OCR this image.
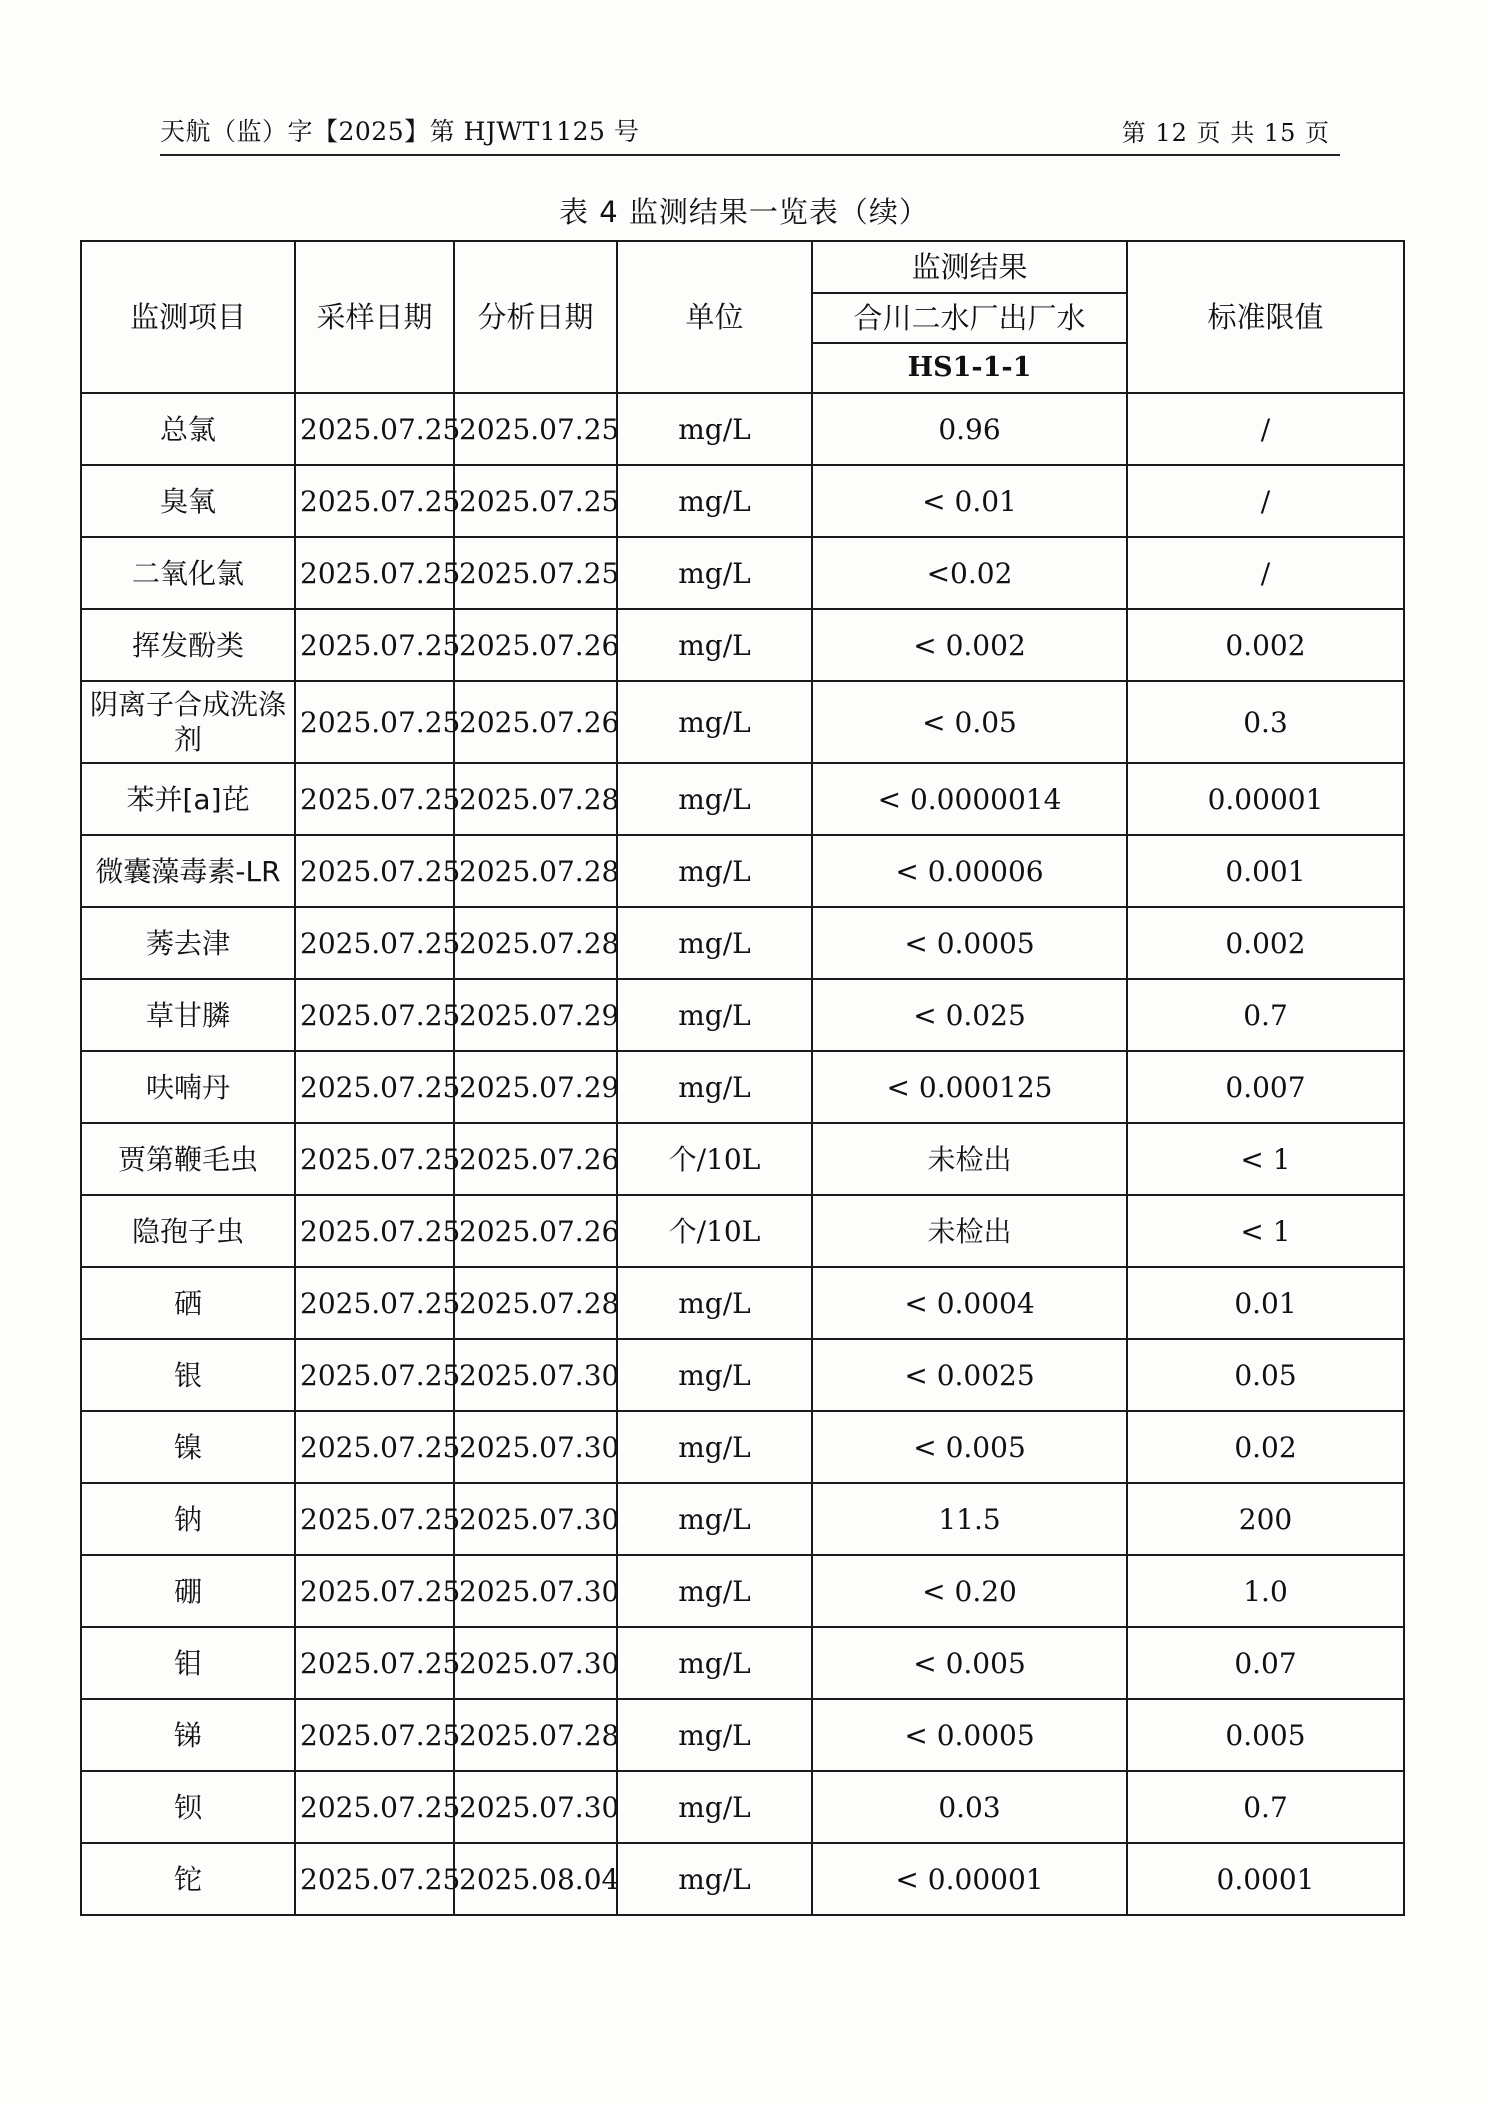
天航（监）字【2025】第 HJWT1125 号	第 12 页 共 15 页
表 4 监测结果一览表（续）
监测项目	采样日期	分析日期	单位	监测结果	标准限值
				合川二水厂出厂水	
				HS1-1-1	
总氯	2025.07.25	2025.07.25	mg/L	0.96	/
臭氧	2025.07.25	2025.07.25	mg/L	< 0.01	/
二氧化氯	2025.07.25	2025.07.25	mg/L	<0.02	/
挥发酚类	2025.07.25	2025.07.26	mg/L	< 0.002	0.002
阴离子合成洗涤剂	2025.07.25	2025.07.26	mg/L	< 0.05	0.3
苯并[a]芘	2025.07.25	2025.07.28	mg/L	< 0.0000014	0.00001
微囊藻毒素-LR	2025.07.25	2025.07.28	mg/L	< 0.00006	0.001
莠去津	2025.07.25	2025.07.28	mg/L	< 0.0005	0.002
草甘膦	2025.07.25	2025.07.29	mg/L	< 0.025	0.7
呋喃丹	2025.07.25	2025.07.29	mg/L	< 0.000125	0.007
贾第鞭毛虫	2025.07.25	2025.07.26	个/10L	未检出	< 1
隐孢子虫	2025.07.25	2025.07.26	个/10L	未检出	< 1
硒	2025.07.25	2025.07.28	mg/L	< 0.0004	0.01
银	2025.07.25	2025.07.30	mg/L	< 0.0025	0.05
镍	2025.07.25	2025.07.30	mg/L	< 0.005	0.02
钠	2025.07.25	2025.07.30	mg/L	11.5	200
硼	2025.07.25	2025.07.30	mg/L	< 0.20	1.0
钼	2025.07.25	2025.07.30	mg/L	< 0.005	0.07
锑	2025.07.25	2025.07.28	mg/L	< 0.0005	0.005
钡	2025.07.25	2025.07.30	mg/L	0.03	0.7
铊	2025.07.25	2025.08.04	mg/L	< 0.00001	0.0001
